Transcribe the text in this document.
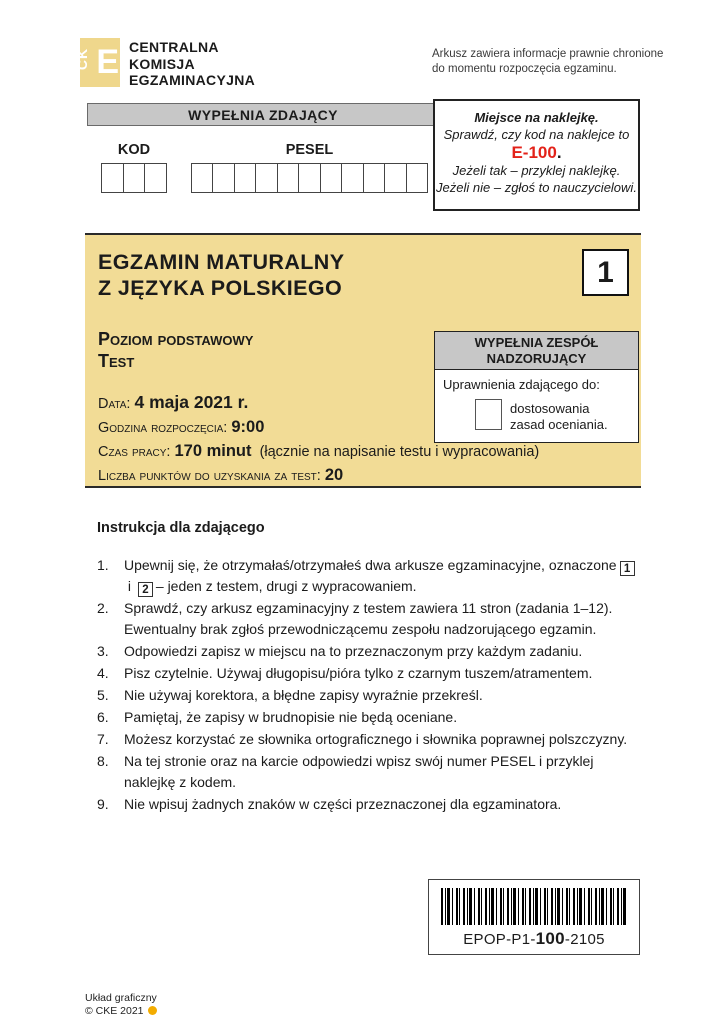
CK E CENTRALNA
KOMISJA
EGZAMINACYJNA
Arkusz zawiera informacje prawnie chronione
do momentu rozpoczęcia egzaminu.
WYPEŁNIA ZDAJĄCY
KOD	PESEL
Miejsce na naklejkę.
Sprawdź, czy kod na naklejce to
E-100.
Jeżeli tak – przyklej naklejkę.
Jeżeli nie – zgłoś to nauczycielowi.
EGZAMIN MATURALNY
Z JĘZYKA POLSKIEGO	1
Poziom podstawowy
Test
WYPEŁNIA ZESPÓŁ
NADZORUJĄCY
Uprawnienia zdającego do:
dostosowania
zasad oceniania.
Data: 4 maja 2021 r.
Godzina rozpoczęcia: 9:00
Czas pracy: 170 minut (łącznie na napisanie testu i wypracowania)
Liczba punktów do uzyskania za test: 20
Instrukcja dla zdającego
1.	Upewnij się, że otrzymałaś/otrzymałeś dwa arkusze egzaminacyjne, oznaczone 1 i 2 – jeden z testem, drugi z wypracowaniem.
2.	Sprawdź, czy arkusz egzaminacyjny z testem zawiera 11 stron (zadania 1–12). Ewentualny brak zgłoś przewodniczącemu zespołu nadzorującego egzamin.
3.	Odpowiedzi zapisz w miejscu na to przeznaczonym przy każdym zadaniu.
4.	Pisz czytelnie. Używaj długopisu/pióra tylko z czarnym tuszem/atramentem.
5.	Nie używaj korektora, a błędne zapisy wyraźnie przekreśl.
6.	Pamiętaj, że zapisy w brudnopisie nie będą oceniane.
7.	Możesz korzystać ze słownika ortograficznego i słownika poprawnej polszczyzny.
8.	Na tej stronie oraz na karcie odpowiedzi wpisz swój numer PESEL i przyklej naklejkę z kodem.
9.	Nie wpisuj żadnych znaków w części przeznaczonej dla egzaminatora.
EPOP-P1-100-2105
Układ graficzny
© CKE 2021
